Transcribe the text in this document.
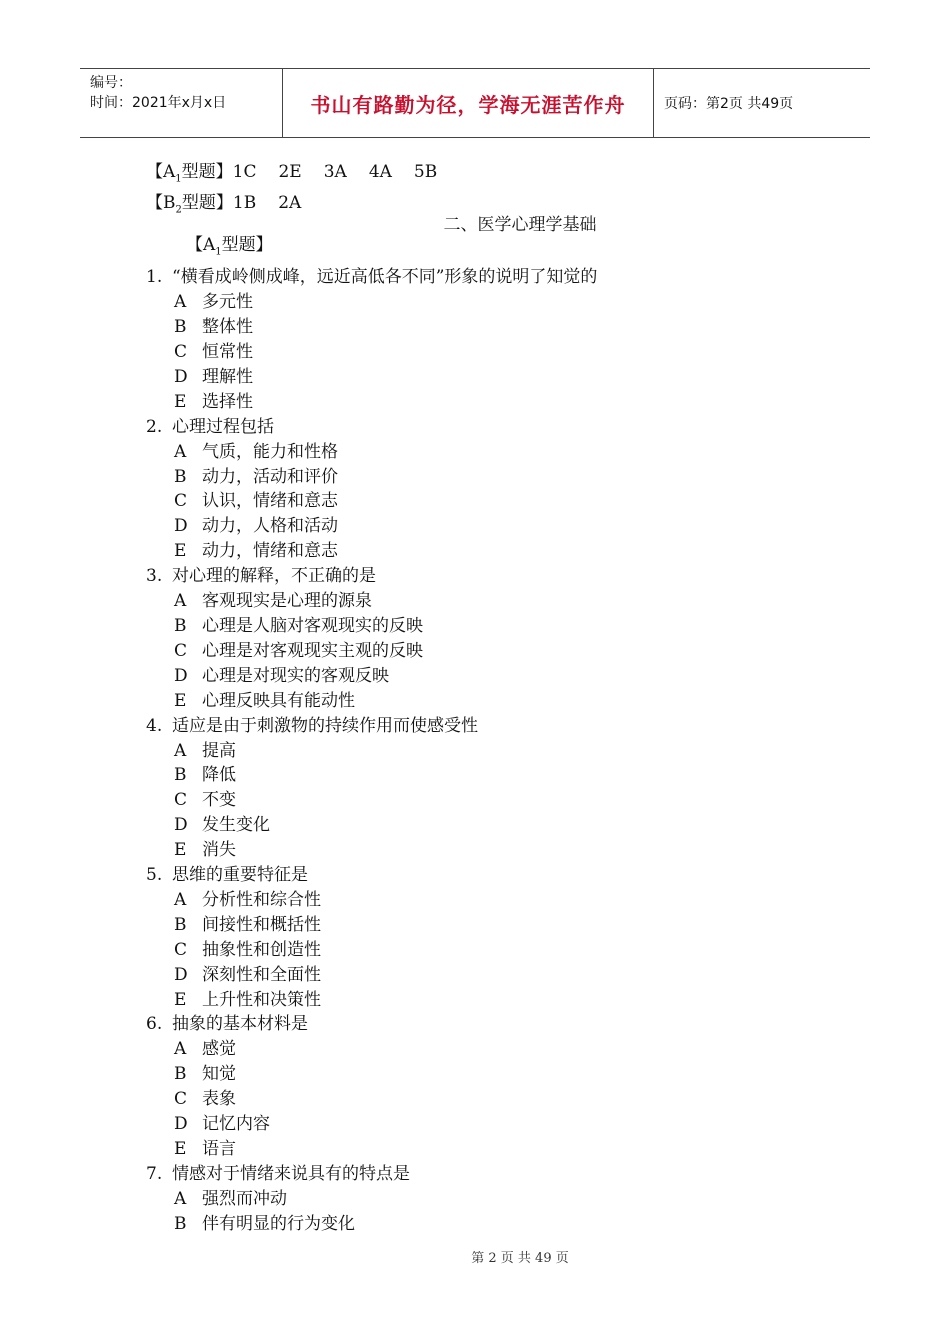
编号：
时间：2021年x月x日	书山有路勤为径，学海无涯苦作舟	页码：第2页 共49页
【$A_1$型题】1C 2E 3A 4A 5B
【$B_2$型题】1B 2A
二、医学心理学基础
【$A_1$型题】
1. “横看成岭侧成峰，远近高低各不同”形象的说明了知觉的
A 多元性
B 整体性
C 恒常性
D 理解性
E 选择性
2. 心理过程包括
A 气质，能力和性格
B 动力，活动和评价
C 认识，情绪和意志
D 动力，人格和活动
E 动力，情绪和意志
3. 对心理的解释，不正确的是
A 客观现实是心理的源泉
B 心理是人脑对客观现实的反映
C 心理是对客观现实主观的反映
D 心理是对现实的客观反映
E 心理反映具有能动性
4. 适应是由于刺激物的持续作用而使感受性
A 提高
B 降低
C 不变
D 发生变化
E 消失
5. 思维的重要特征是
A 分析性和综合性
B 间接性和概括性
C 抽象性和创造性
D 深刻性和全面性
E 上升性和决策性
6. 抽象的基本材料是
A 感觉
B 知觉
C 表象
D 记忆内容
E 语言
7. 情感对于情绪来说具有的特点是
A 强烈而冲动
B 伴有明显的行为变化
第 2 页 共 49 页
